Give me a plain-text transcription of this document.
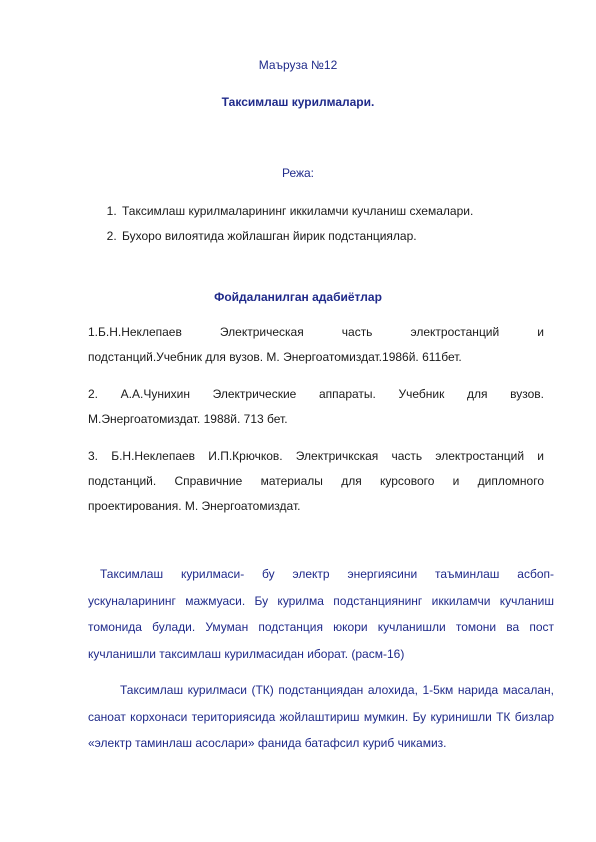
Маъруза №12
Таксимлаш курилмалари.
Режа:
1. Таксимлаш курилмаларининг иккиламчи кучланиш схемалари.
2. Бухоро вилоятида жойлашган йирик подстанциялар.
Фойдаланилган адабиётлар

1.Б.Н.Неклепаев Электрическая часть электростанций и
подстанций.Учебник для вузов. М. Энергоатомиздат.1986й. 611бет.

2. А.А.Чунихин Электрические аппараты. Учебник для вузов.
М.Энергоатомиздат. 1988й. 713 бет.

3. Б.Н.Неклепаев И.П.Крючков. Электричкская часть электростанций и
подстанций. Справичние материалы для курсового и дипломного проектирования. М. Энергоатомиздат.

Таксимлаш курилмаси- бу электр энергиясини таъминлаш асбоп-ускуналарининг мажмуаси. Бу курилма подстанциянинг иккиламчи кучланиш томонида булади. Умуман подстанция юкори кучланишли томони ва пост кучланишли таксимлаш курилмасидан иборат. (расм-16)

Таксимлаш курилмаси (ТК) подстанциядан алохида, 1-5км нарида масалан, саноат корхонаси териториясида жойлаштириш мумкин. Бу куринишли ТК бизлар «электр таминлаш асослари» фанида батафсил куриб чикамиз.
